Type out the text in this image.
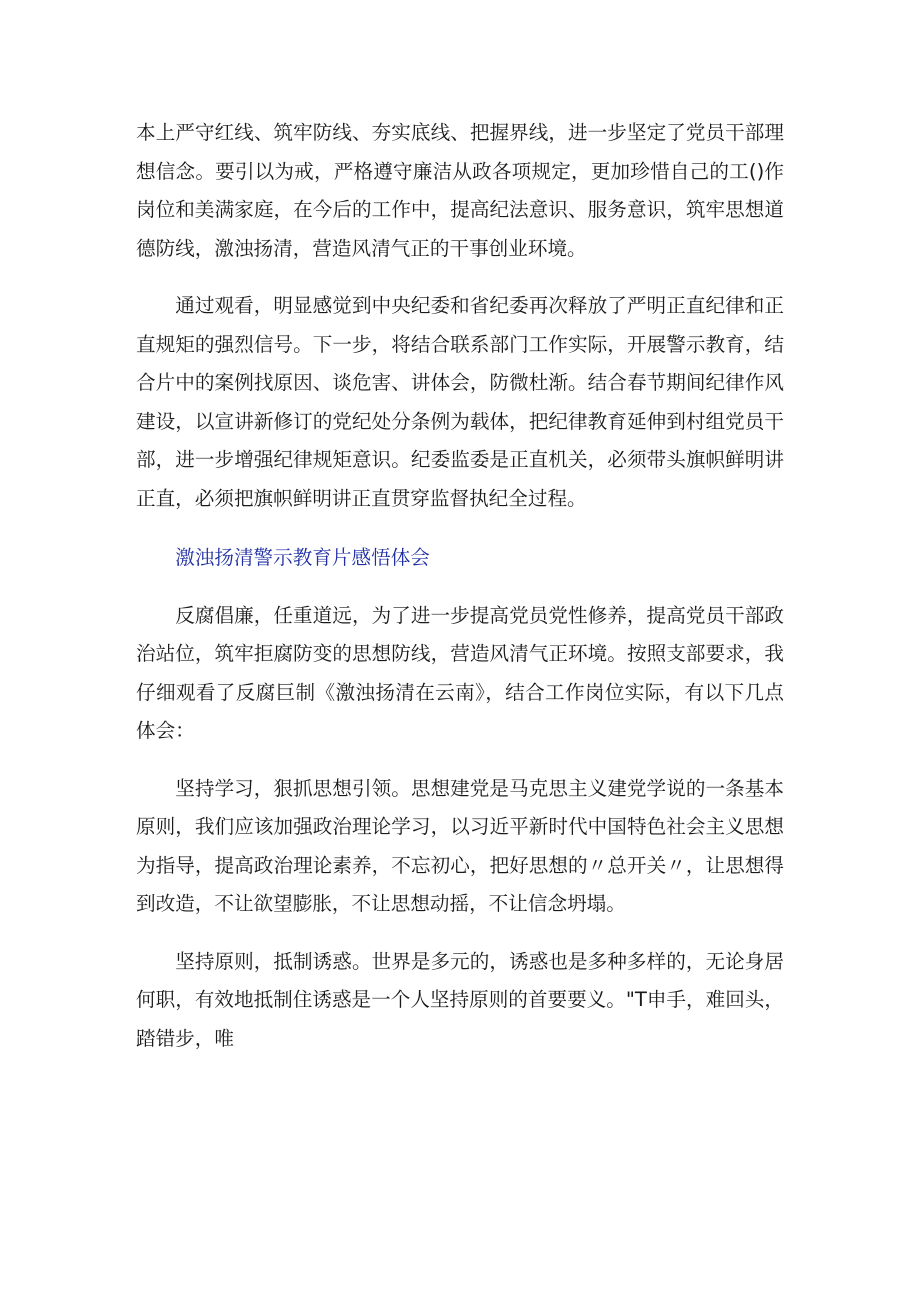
本上严守红线、筑牢防线、夯实底线、把握界线，进一步坚定了党员干部理想信念。要引以为戒，严格遵守廉洁从政各项规定，更加珍惜自己的工()作岗位和美满家庭，在今后的工作中，提高纪法意识、服务意识，筑牢思想道德防线，激浊扬清，营造风清气正的干事创业环境。

通过观看，明显感觉到中央纪委和省纪委再次释放了严明正直纪律和正直规矩的强烈信号。下一步，将结合联系部门工作实际，开展警示教育，结合片中的案例找原因、谈危害、讲体会，防微杜渐。结合春节期间纪律作风建设，以宣讲新修订的党纪处分条例为载体，把纪律教育延伸到村组党员干部，进一步增强纪律规矩意识。纪委监委是正直机关，必须带头旗帜鲜明讲正直，必须把旗帜鲜明讲正直贯穿监督执纪全过程。

激浊扬清警示教育片感悟体会

反腐倡廉，任重道远，为了进一步提高党员党性修养，提高党员干部政治站位，筑牢拒腐防变的思想防线，营造风清气正环境。按照支部要求，我仔细观看了反腐巨制《激浊扬清在云南》，结合工作岗位实际，有以下几点体会：

坚持学习，狠抓思想引领。思想建党是马克思主义建党学说的一条基本原则，我们应该加强政治理论学习，以习近平新时代中国特色社会主义思想为指导，提高政治理论素养，不忘初心，把好思想的〃总开关〃，让思想得到改造，不让欲望膨胀，不让思想动摇，不让信念坍塌。

坚持原则，抵制诱惑。世界是多元的，诱惑也是多种多样的，无论身居何职，有效地抵制住诱惑是一个人坚持原则的首要要义。"T申手，难回头，踏错步，唯
